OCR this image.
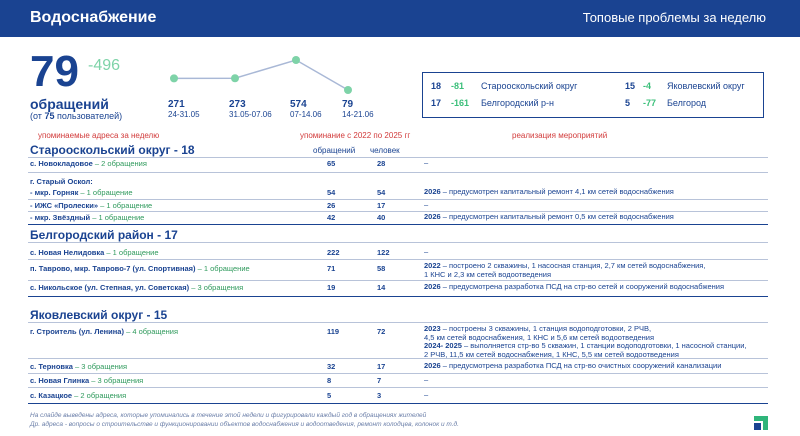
Водоснабжение	Топовые проблемы за неделю
79 -496
обращений
(от 75 пользователей)
271
24-31.05
273
31.05-07.06
574
07-14.06
79
14-21.06
18 -81 Старооскольский округ
17 -161 Белгородский р-н
15 -4 Яковлевский округ
5 -77 Белгород
упоминаемые адреса за неделю	упоминание с 2022 по 2025 гг	реализация мероприятий
обращений человек
Старооскольский округ - 18
с. Новокладовое – 2 обращения	65	28	–
г. Старый Оскол:
- мкр. Горняк – 1 обращение	54	54	2026 – предусмотрен капитальный ремонт 4,1 км сетей водоснабжения
- ИЖС «Пролески» – 1 обращение	26	17	–
- мкр. Звёздный – 1 обращение	42	40	2026 – предусмотрен капитальный ремонт 0,5 км сетей водоснабжения
Белгородский район - 17
с. Новая Нелидовка – 1 обращение	222	122	–
п. Таврово, мкр. Таврово-7 (ул. Спортивная) – 1 обращение	71	58	2022 – построено 2 скважины, 1 насосная станция, 2,7 км сетей водоснабжения,
1 КНС и 2,3 км сетей водоотведения
с. Никольское (ул. Степная, ул. Советская) – 3 обращения	19	14	2026 – предусмотрена разработка ПСД на стр-во сетей и сооружений водоснабжения
Яковлевский округ - 15
г. Строитель (ул. Ленина) – 4 обращения	119	72	2023 – построены 3 скважины, 1 станция водоподготовки, 2 РЧВ,
4,5 км сетей водоснабжения, 1 КНС и 5,6 км сетей водоотведения
2024- 2025 – выполняется стр-во 5 скважин, 1 станции водоподготовки, 1 насосной станции,
2 РЧВ, 11,5 км сетей водоснабжения, 1 КНС, 5,5 км сетей водоотведения
с. Терновка – 3 обращения	32	17	2026 – предусмотрена разработка ПСД на стр-во очистных сооружений канализации
с. Новая Глинка – 3 обращения	8	7	–
с. Казацкое – 2 обращения	5	3	–
На слайде выведены адреса, которые упоминались в течение этой недели и фигурировали каждый год в обращениях жителей
Др. адреса - вопросы о строительстве и функционировании объектов водоснабжения и водоотведения, ремонт колодцев, колонок и т.д.
